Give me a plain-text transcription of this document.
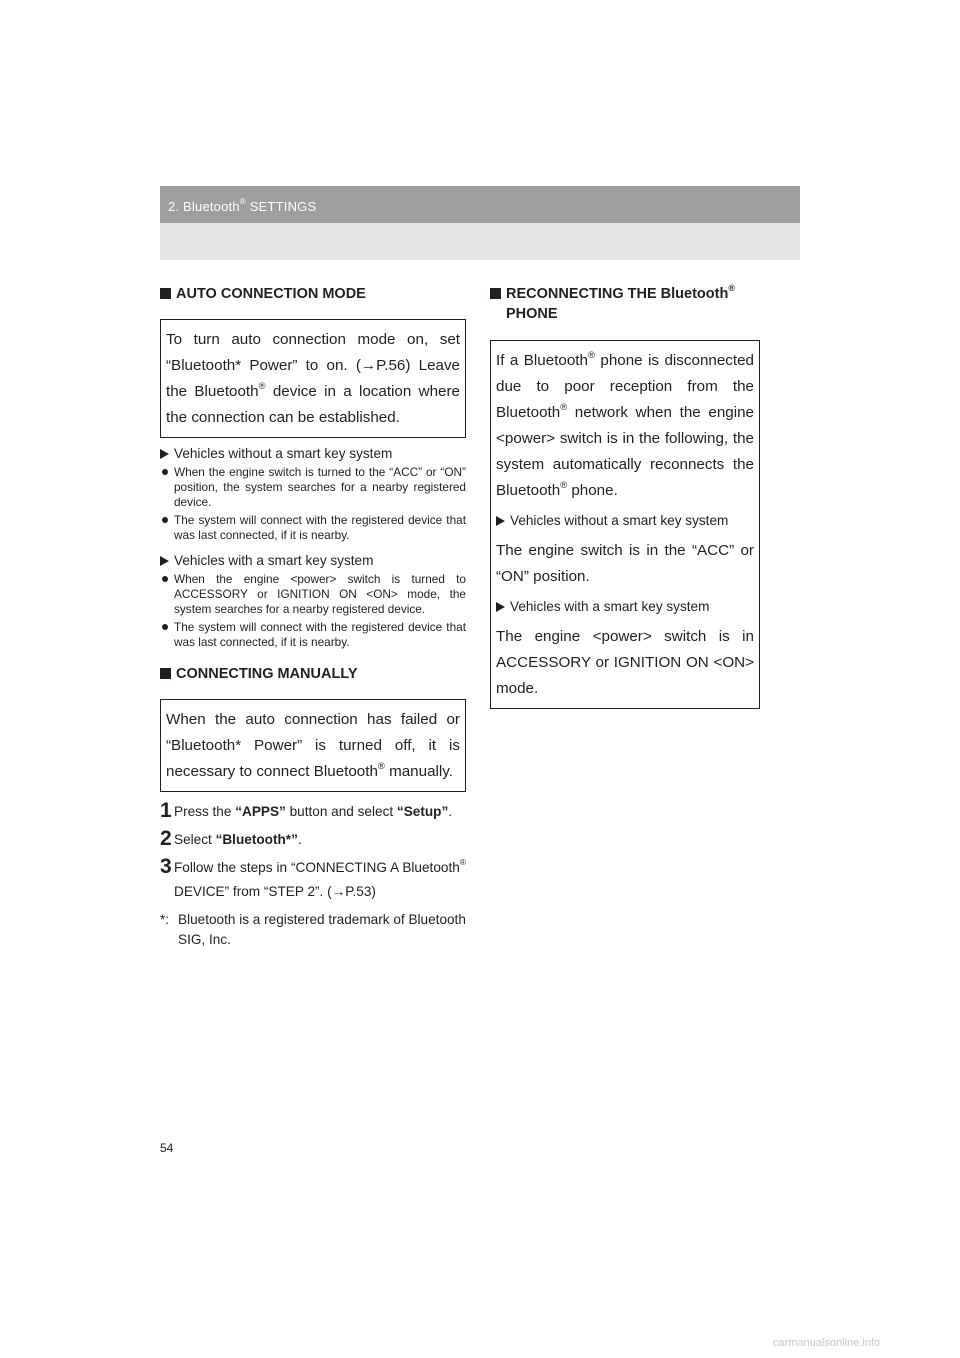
2. Bluetooth® SETTINGS
AUTO CONNECTION MODE
To turn auto connection mode on, set “Bluetooth* Power” to on. (→P.56) Leave the Bluetooth® device in a location where the connection can be established.
Vehicles without a smart key system
When the engine switch is turned to the “ACC” or “ON” position, the system searches for a nearby registered device.
The system will connect with the registered device that was last connected, if it is nearby.
Vehicles with a smart key system
When the engine <power> switch is turned to ACCESSORY or IGNITION ON <ON> mode, the system searches for a nearby registered device.
The system will connect with the registered device that was last connected, if it is nearby.
CONNECTING MANUALLY
When the auto connection has failed or “Bluetooth* Power” is turned off, it is necessary to connect Bluetooth® manually.
1 Press the “APPS” button and select “Setup”.
2 Select “Bluetooth*”.
3 Follow the steps in “CONNECTING A Bluetooth® DEVICE” from “STEP 2”. (→P.53)
*: Bluetooth is a registered trademark of Bluetooth SIG, Inc.
RECONNECTING THE Bluetooth®
PHONE
If a Bluetooth® phone is disconnected due to poor reception from the Bluetooth® network when the engine <power> switch is in the following, the system automatically reconnects the Bluetooth® phone.
Vehicles without a smart key system
The engine switch is in the “ACC” or “ON” position.
Vehicles with a smart key system
The engine <power> switch is in ACCESSORY or IGNITION ON <ON> mode.
54
carmanualsonline.info
